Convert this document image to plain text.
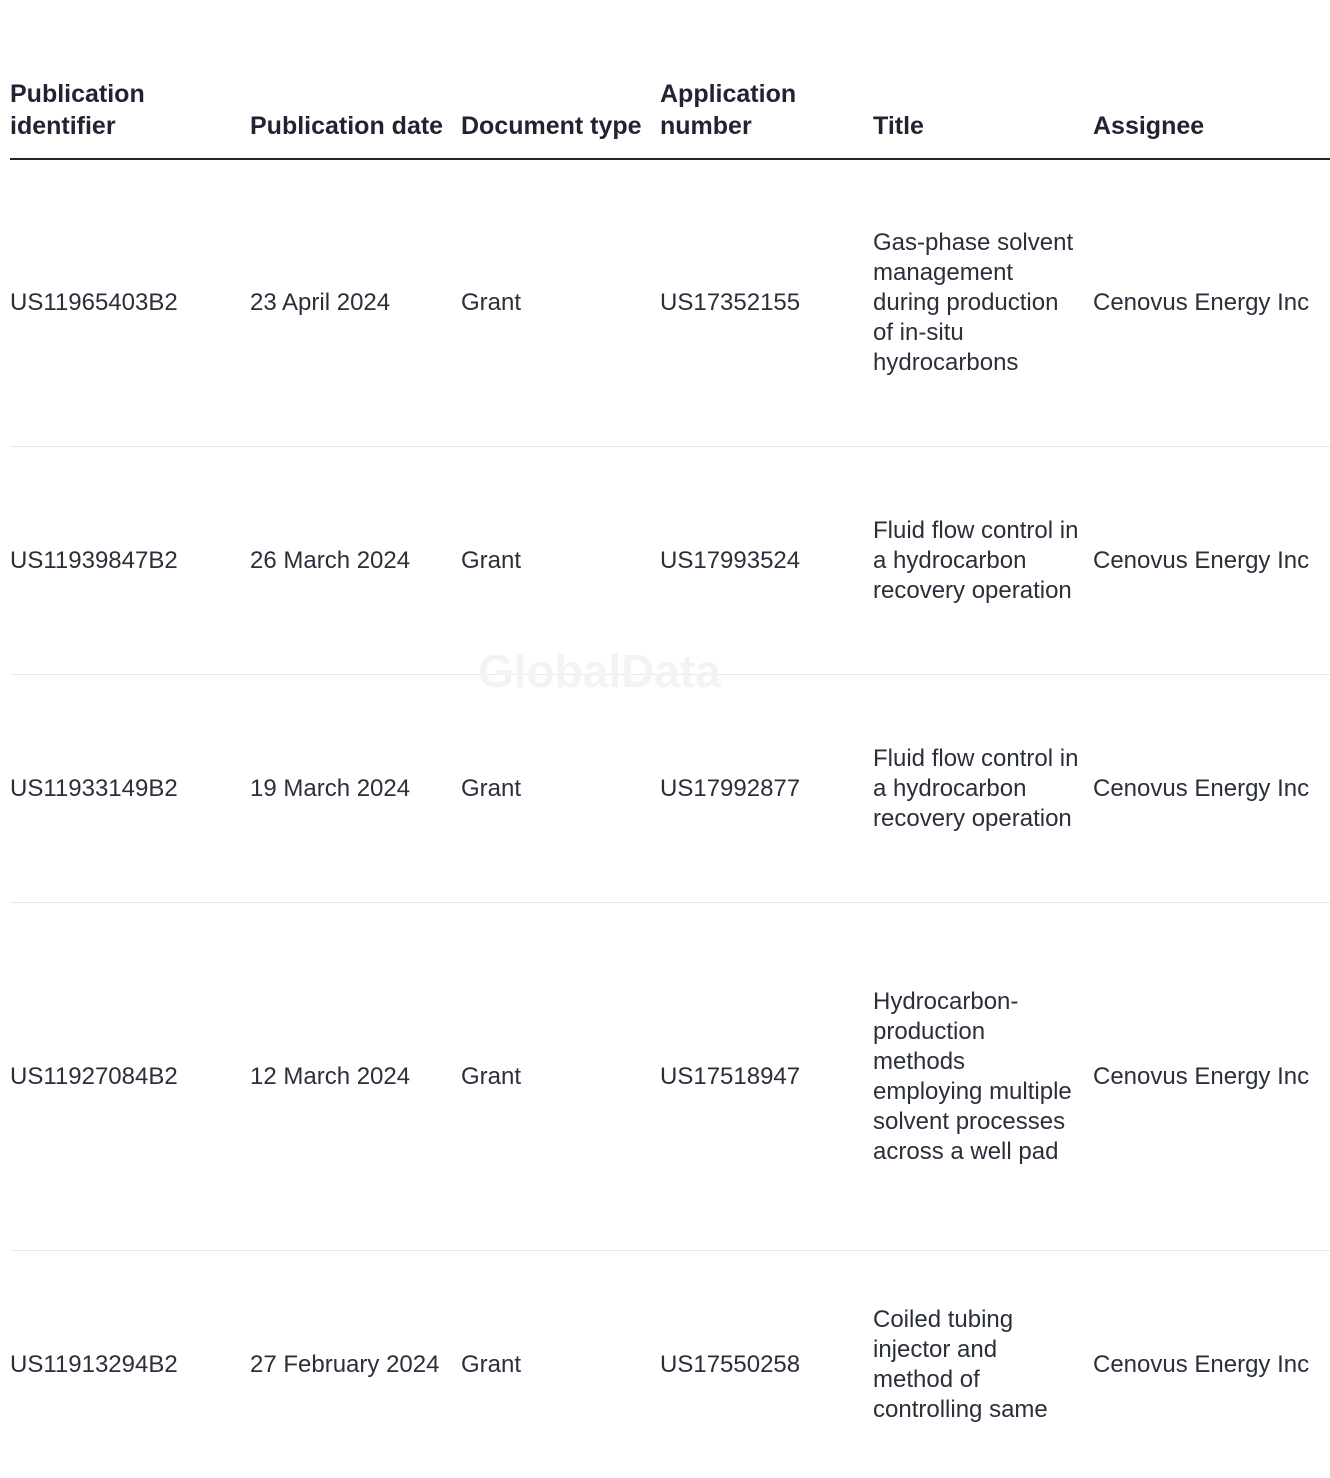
Publication identifier	Publication date	Document type	Application number	Title	Assignee
US11965403B2	23 April 2024	Grant	US17352155	Gas-phase solvent management during production of in-situ hydrocarbons	Cenovus Energy Inc
US11939847B2	26 March 2024	Grant	US17993524	Fluid flow control in a hydrocarbon recovery operation	Cenovus Energy Inc
US11933149B2	19 March 2024	Grant	US17992877	Fluid flow control in a hydrocarbon recovery operation	Cenovus Energy Inc
US11927084B2	12 March 2024	Grant	US17518947	Hydrocarbon-production methods employing multiple solvent processes across a well pad	Cenovus Energy Inc
US11913294B2	27 February 2024	Grant	US17550258	Coiled tubing injector and method of controlling same	Cenovus Energy Inc
GlobalData
